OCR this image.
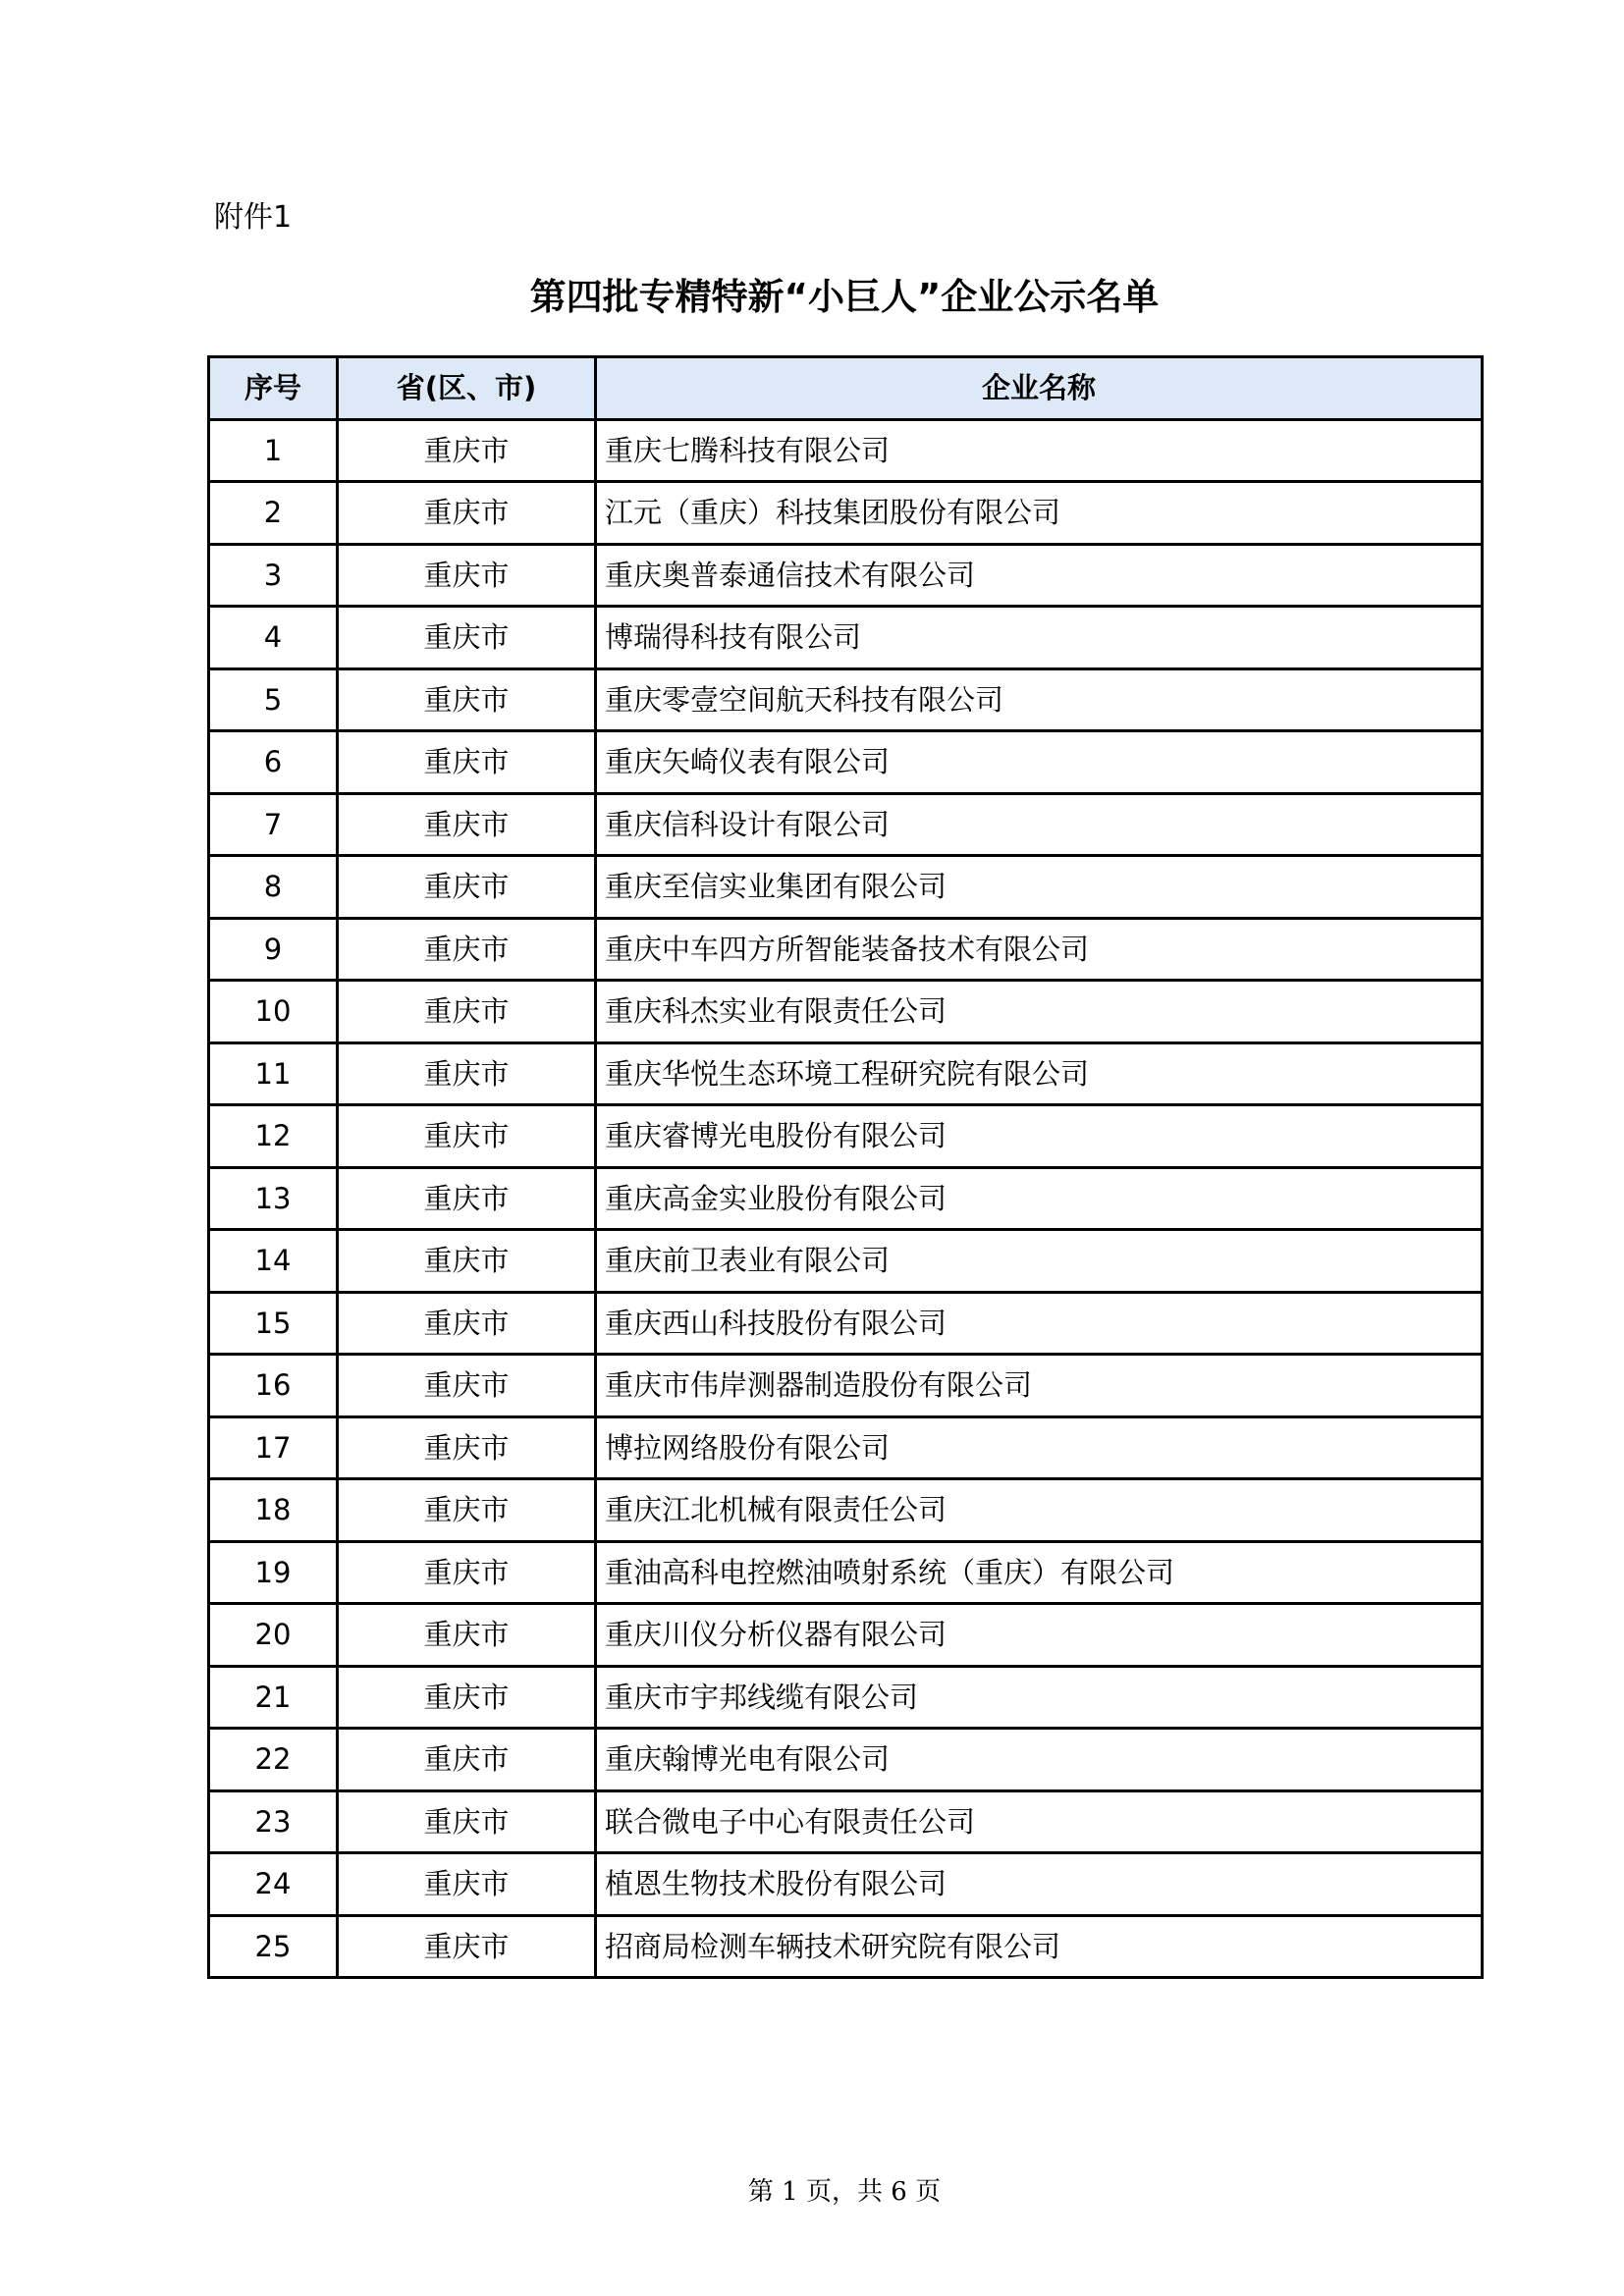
附件1
第四批专精特新“小巨人”企业公示名单
序号	省(区、市)	企业名称
1	重庆市	重庆七腾科技有限公司
2	重庆市	江元（重庆）科技集团股份有限公司
3	重庆市	重庆奥普泰通信技术有限公司
4	重庆市	博瑞得科技有限公司
5	重庆市	重庆零壹空间航天科技有限公司
6	重庆市	重庆矢崎仪表有限公司
7	重庆市	重庆信科设计有限公司
8	重庆市	重庆至信实业集团有限公司
9	重庆市	重庆中车四方所智能装备技术有限公司
10	重庆市	重庆科杰实业有限责任公司
11	重庆市	重庆华悦生态环境工程研究院有限公司
12	重庆市	重庆睿博光电股份有限公司
13	重庆市	重庆高金实业股份有限公司
14	重庆市	重庆前卫表业有限公司
15	重庆市	重庆西山科技股份有限公司
16	重庆市	重庆市伟岸测器制造股份有限公司
17	重庆市	博拉网络股份有限公司
18	重庆市	重庆江北机械有限责任公司
19	重庆市	重油高科电控燃油喷射系统（重庆）有限公司
20	重庆市	重庆川仪分析仪器有限公司
21	重庆市	重庆市宇邦线缆有限公司
22	重庆市	重庆翰博光电有限公司
23	重庆市	联合微电子中心有限责任公司
24	重庆市	植恩生物技术股份有限公司
25	重庆市	招商局检测车辆技术研究院有限公司
第 1 页，共 6 页
